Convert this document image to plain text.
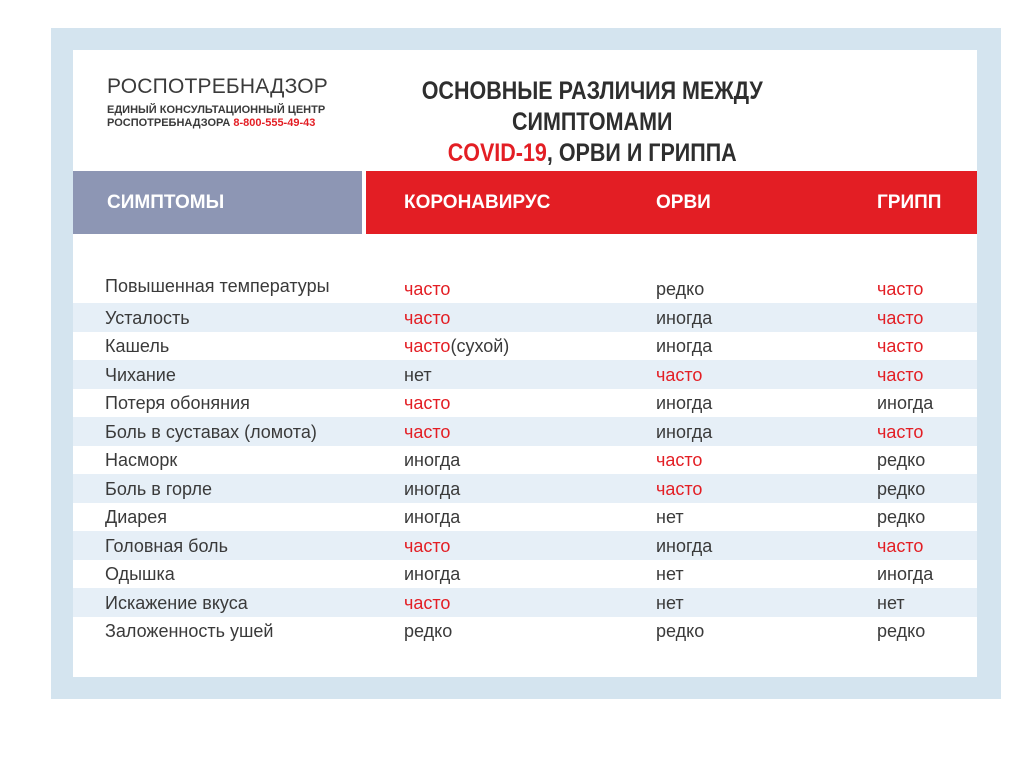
РОСПОТРЕБНАДЗОР
ЕДИНЫЙ КОНСУЛЬТАЦИОННЫЙ ЦЕНТР
РОСПОТРЕБНАДЗОРА 8-800-555-49-43
ОСНОВНЫЕ РАЗЛИЧИЯ МЕЖДУ СИМПТОМАМИ
COVID-19, ОРВИ И ГРИППА
СИМПТОМЫ	КОРОНАВИРУС	ОРВИ	ГРИПП
Повышенная температуры	часто	редко	часто
Усталость	часто	иногда	часто
Кашель	часто(сухой)	иногда	часто
Чихание	нет	часто	часто
Потеря обоняния	часто	иногда	иногда
Боль в суставах (ломота)	часто	иногда	часто
Насморк	иногда	часто	редко
Боль в горле	иногда	часто	редко
Диарея	иногда	нет	редко
Головная боль	часто	иногда	часто
Одышка	иногда	нет	иногда
Искажение вкуса	часто	нет	нет
Заложенность ушей	редко	редко	редко
